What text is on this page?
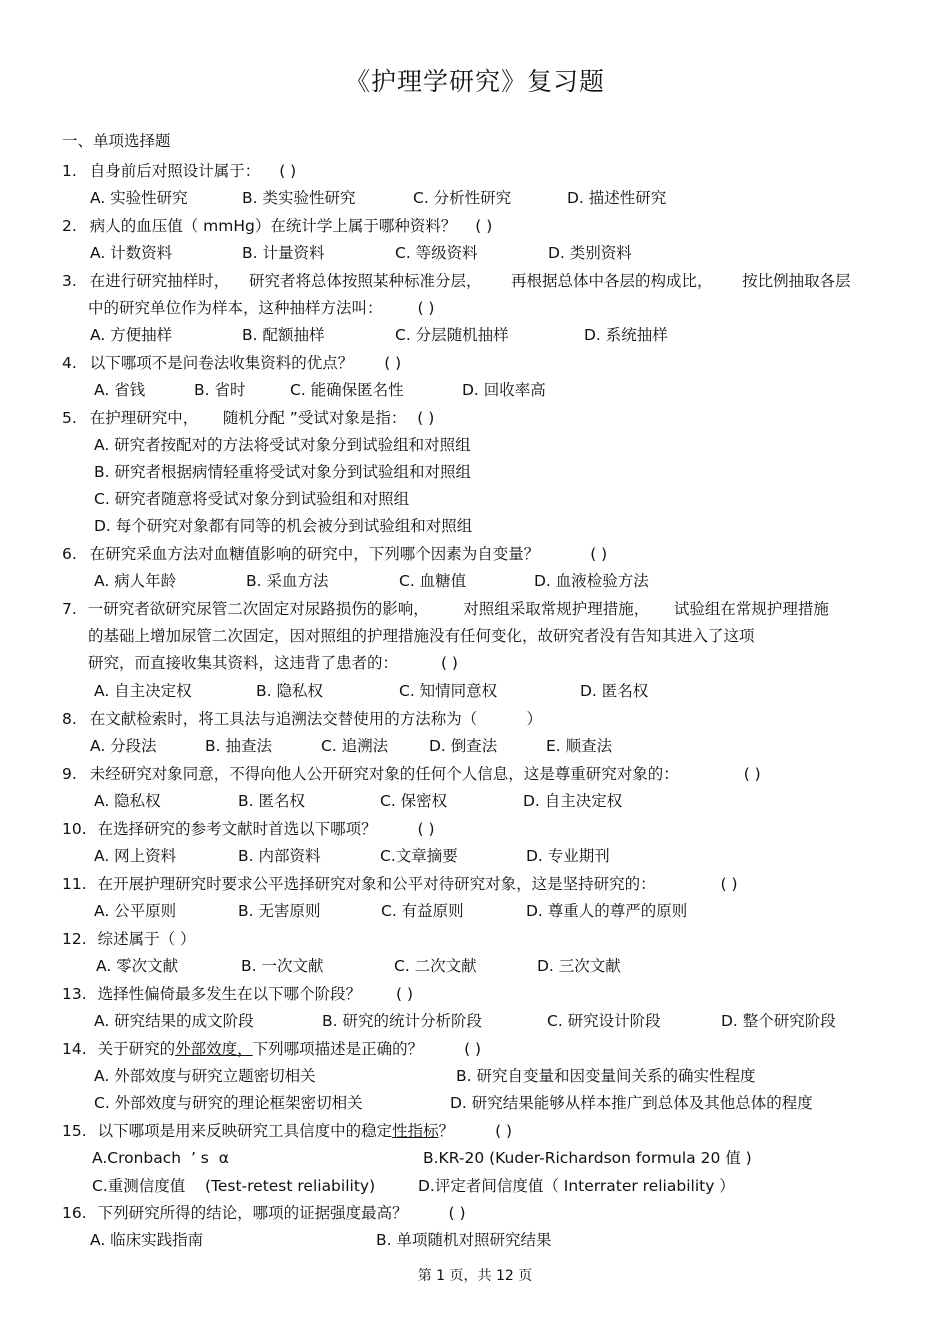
《护理学研究》复习题
一、单项选择题
1. 自身前后对照设计属于： ( )
A. 实验性研究	B. 类实验性研究	C. 分析性研究	D. 描述性研究
2. 病人的血压值（ mmHg）在统计学上属于哪种资料？ ( )
A. 计数资料	B. 计量资料	C. 等级资料	D. 类别资料
3. 在进行研究抽样时，    研究者将总体按照某种标准分层，      再根据总体中各层的构成比，      按比例抽取各层
中的研究单位作为样本，这种抽样方法叫： ( )
A. 方便抽样	B. 配额抽样	C. 分层随机抽样	D. 系统抽样
4. 以下哪项不是问卷法收集资料的优点？ ( )
A. 省钱	B. 省时	C. 能确保匿名性	D. 回收率高
5. 在护理研究中，     随机分配 ”受试对象是指： ( )
A. 研究者按配对的方法将受试对象分到试验组和对照组
B. 研究者根据病情轻重将受试对象分到试验组和对照组
C. 研究者随意将受试对象分到试验组和对照组
D. 每个研究对象都有同等的机会被分到试验组和对照组
6. 在研究采血方法对血糖值影响的研究中，下列哪个因素为自变量？	( )
A. 病人年龄	B. 采血方法	C. 血糖值	D. 血液检验方法
7. 一研究者欲研究尿管二次固定对尿路损伤的影响，       对照组采取常规护理措施，     试验组在常规护理措施
的基础上增加尿管二次固定，因对照组的护理措施没有任何变化，故研究者没有告知其进入了这项
研究，而直接收集其资料，这违背了患者的：	( )
A. 自主决定权	B. 隐私权	C. 知情同意权	D. 匿名权
8. 在文献检索时，将工具法与追溯法交替使用的方法称为（          ）
A. 分段法	B. 抽查法	C. 追溯法	D. 倒查法	E. 顺查法
9. 未经研究对象同意，不得向他人公开研究对象的任何个人信息，这是尊重研究对象的：	( )
A. 隐私权	B. 匿名权	C. 保密权	D. 自主决定权
10. 在选择研究的参考文献时首选以下哪项？	( )
A. 网上资料	B. 内部资料	C.文章摘要	D. 专业期刊
11. 在开展护理研究时要求公平选择研究对象和公平对待研究对象，这是坚持研究的：	( )
A. 公平原则	B. 无害原则	C. 有益原则	D. 尊重人的尊严的原则
12. 综述属于（ ）
A. 零次文献	B. 一次文献	C. 二次文献	D. 三次文献
13. 选择性偏倚最多发生在以下哪个阶段？ ( )
A. 研究结果的成文阶段	B. 研究的统计分析阶段	C. 研究设计阶段	D. 整个研究阶段
14. 关于研究的外部效度，下列哪项描述是正确的？	( )
A. 外部效度与研究立题密切相关	B. 研究自变量和因变量间关系的确实性程度
C. 外部效度与研究的理论框架密切相关	D. 研究结果能够从样本推广到总体及其他总体的程度
15. 以下哪项是用来反映研究工具信度中的稳定性指标？	( )
A.Cronbach  ’ s  α	B.KR-20 (Kuder-Richardson formula 20 值 )
C.重测信度值    (Test-retest reliability)	D.评定者间信度值（ Interrater reliability ）
16. 下列研究所得的结论，哪项的证据强度最高？	( )
A. 临床实践指南	B. 单项随机对照研究结果
第 1 页，共 12 页
